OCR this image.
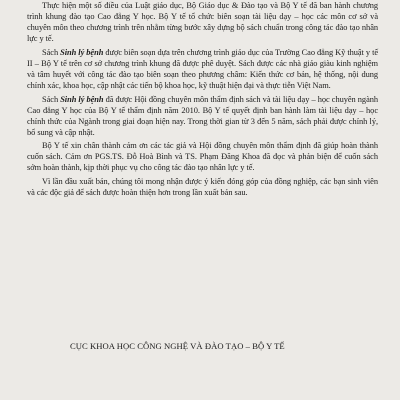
Thực hiện một số điều của Luật giáo dục, Bộ Giáo dục & Đào tạo và Bộ Y tế đã ban hành chương trình khung đào tạo Cao đẳng Y học. Bộ Y tế tổ chức biên soạn tài liệu dạy – học các môn cơ sở và chuyên môn theo chương trình trên nhằm từng bước xây dựng bộ sách chuẩn trong công tác đào tạo nhân lực y tế.

Sách Sinh lý bệnh được biên soạn dựa trên chương trình giáo dục của Trường Cao đẳng Kỹ thuật y tế II – Bộ Y tế trên cơ sở chương trình khung đã được phê duyệt. Sách được các nhà giáo giàu kinh nghiệm và tâm huyết với công tác đào tạo biên soạn theo phương châm: Kiến thức cơ bản, hệ thống, nội dung chính xác, khoa học, cập nhật các tiến bộ khoa học, kỹ thuật hiện đại và thực tiễn Việt Nam.

Sách Sinh lý bệnh đã được Hội đồng chuyên môn thẩm định sách và tài liệu dạy – học chuyên ngành Cao đẳng Y học của Bộ Y tế thẩm định năm 2010. Bộ Y tế quyết định ban hành làm tài liệu dạy – học chính thức của Ngành trong giai đoạn hiện nay. Trong thời gian từ 3 đến 5 năm, sách phải được chỉnh lý, bổ sung và cập nhật.

Bộ Y tế xin chân thành cảm ơn các tác giả và Hội đồng chuyên môn thẩm định đã giúp hoàn thành cuốn sách. Cảm ơn PGS.TS. Đỗ Hoà Bình và TS. Phạm Đăng Khoa đã đọc và phản biện để cuốn sách sớm hoàn thành, kịp thời phục vụ cho công tác đào tạo nhân lực y tế.

Vì lần đầu xuất bản, chúng tôi mong nhận được ý kiến đóng góp của đồng nghiệp, các bạn sinh viên và các độc giả để sách được hoàn thiện hơn trong lần xuất bản sau.

CỤC KHOA HỌC CÔNG NGHỆ VÀ ĐÀO TẠO – BỘ Y TẾ
